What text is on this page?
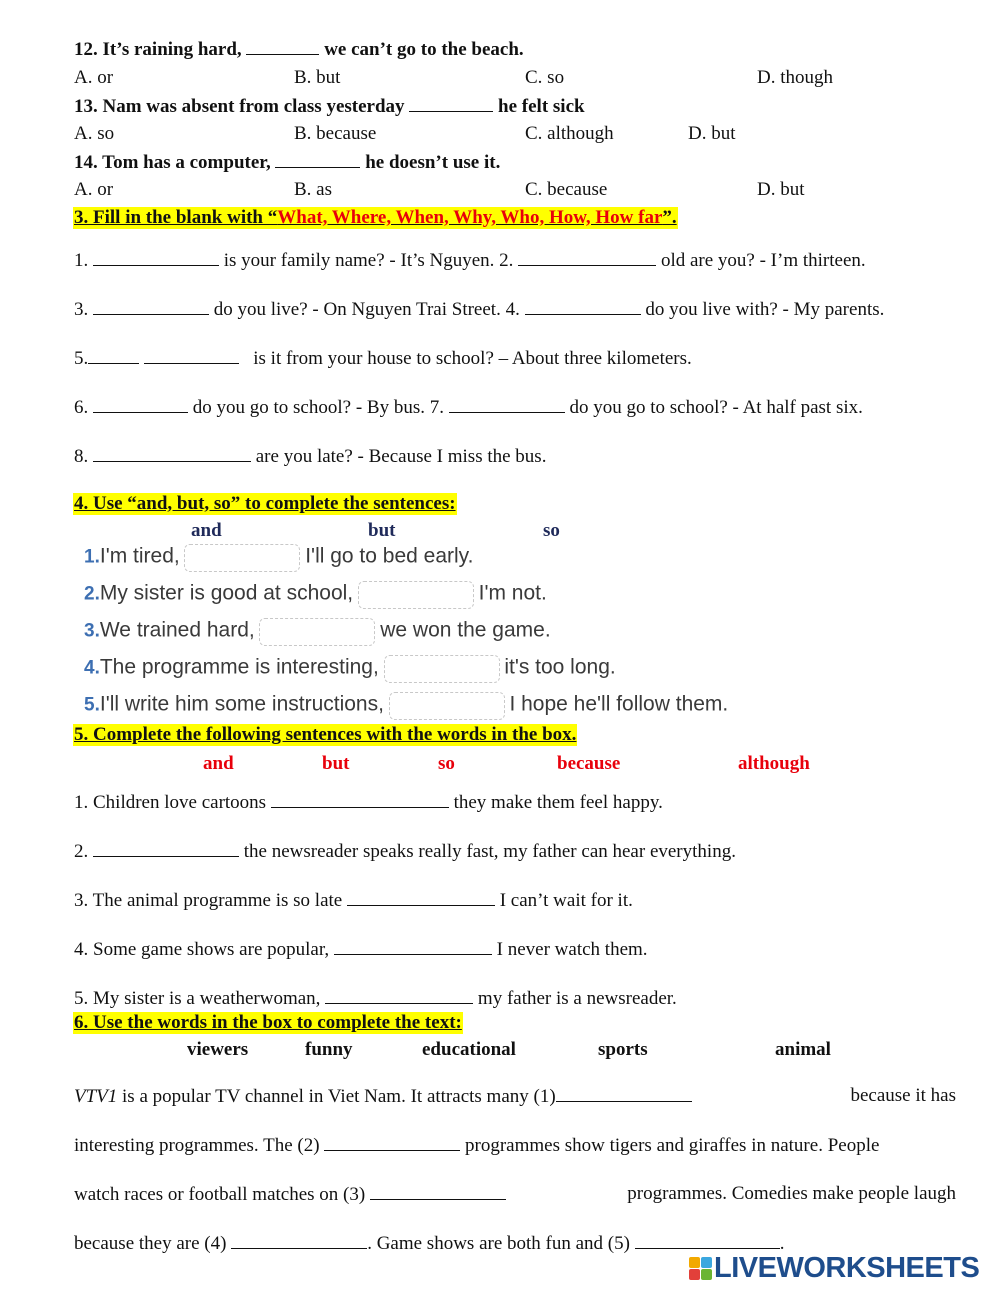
12. It’s raining hard,	we can’t go to the beach.
A. or	B. but	C. so	D. though
13. Nam was absent from class yesterday	he felt sick
A. so	B. because	C. although	D. but
14. Tom has a computer,	he doesn’t use it.
A. or	B. as	C. because	D. but
3. Fill in the blank with “What, Where, When, Why, Who, How, How far”.
1.	is your family name? - It’s Nguyen. 2.	old are you? - I’m thirteen.
3.	do you live? - On Nguyen Trai Street. 4.	do you live with? - My parents.
5.	is it from your house to school? – About three kilometers.
6.	do you go to school? - By bus. 7.	do you go to school? - At half past six.
8.	are you late? - Because I miss the bus.
4. Use “and, but, so” to complete the sentences:
and	but	so
1.I'm tired,	I'll go to bed early.
2.My sister is good at school,	I'm not.
3.We trained hard,	we won the game.
4.The programme is interesting,	it's too long.
5.I'll write him some instructions,	I hope he'll follow them.
5. Complete the following sentences with the words in the box.
and	but	so	because	although
1. Children love cartoons	they make them feel happy.
2.	the newsreader speaks really fast, my father can hear everything.
3. The animal programme is so late	I can’t wait for it.
4. Some game shows are popular,	I never watch them.
5. My sister is a weatherwoman,	my father is a newsreader.
6. Use the words in the box to complete the text:
viewers	funny	educational	sports	animal
VTV1 is a popular TV channel in Viet Nam. It attracts many (1)	because it has
interesting programmes. The (2)	programmes show tigers and giraffes in nature. People
watch races or football matches on (3)	programmes. Comedies make people laugh
because they are (4)	. Game shows are both fun and (5)	.
LIVEWORKSHEETS
